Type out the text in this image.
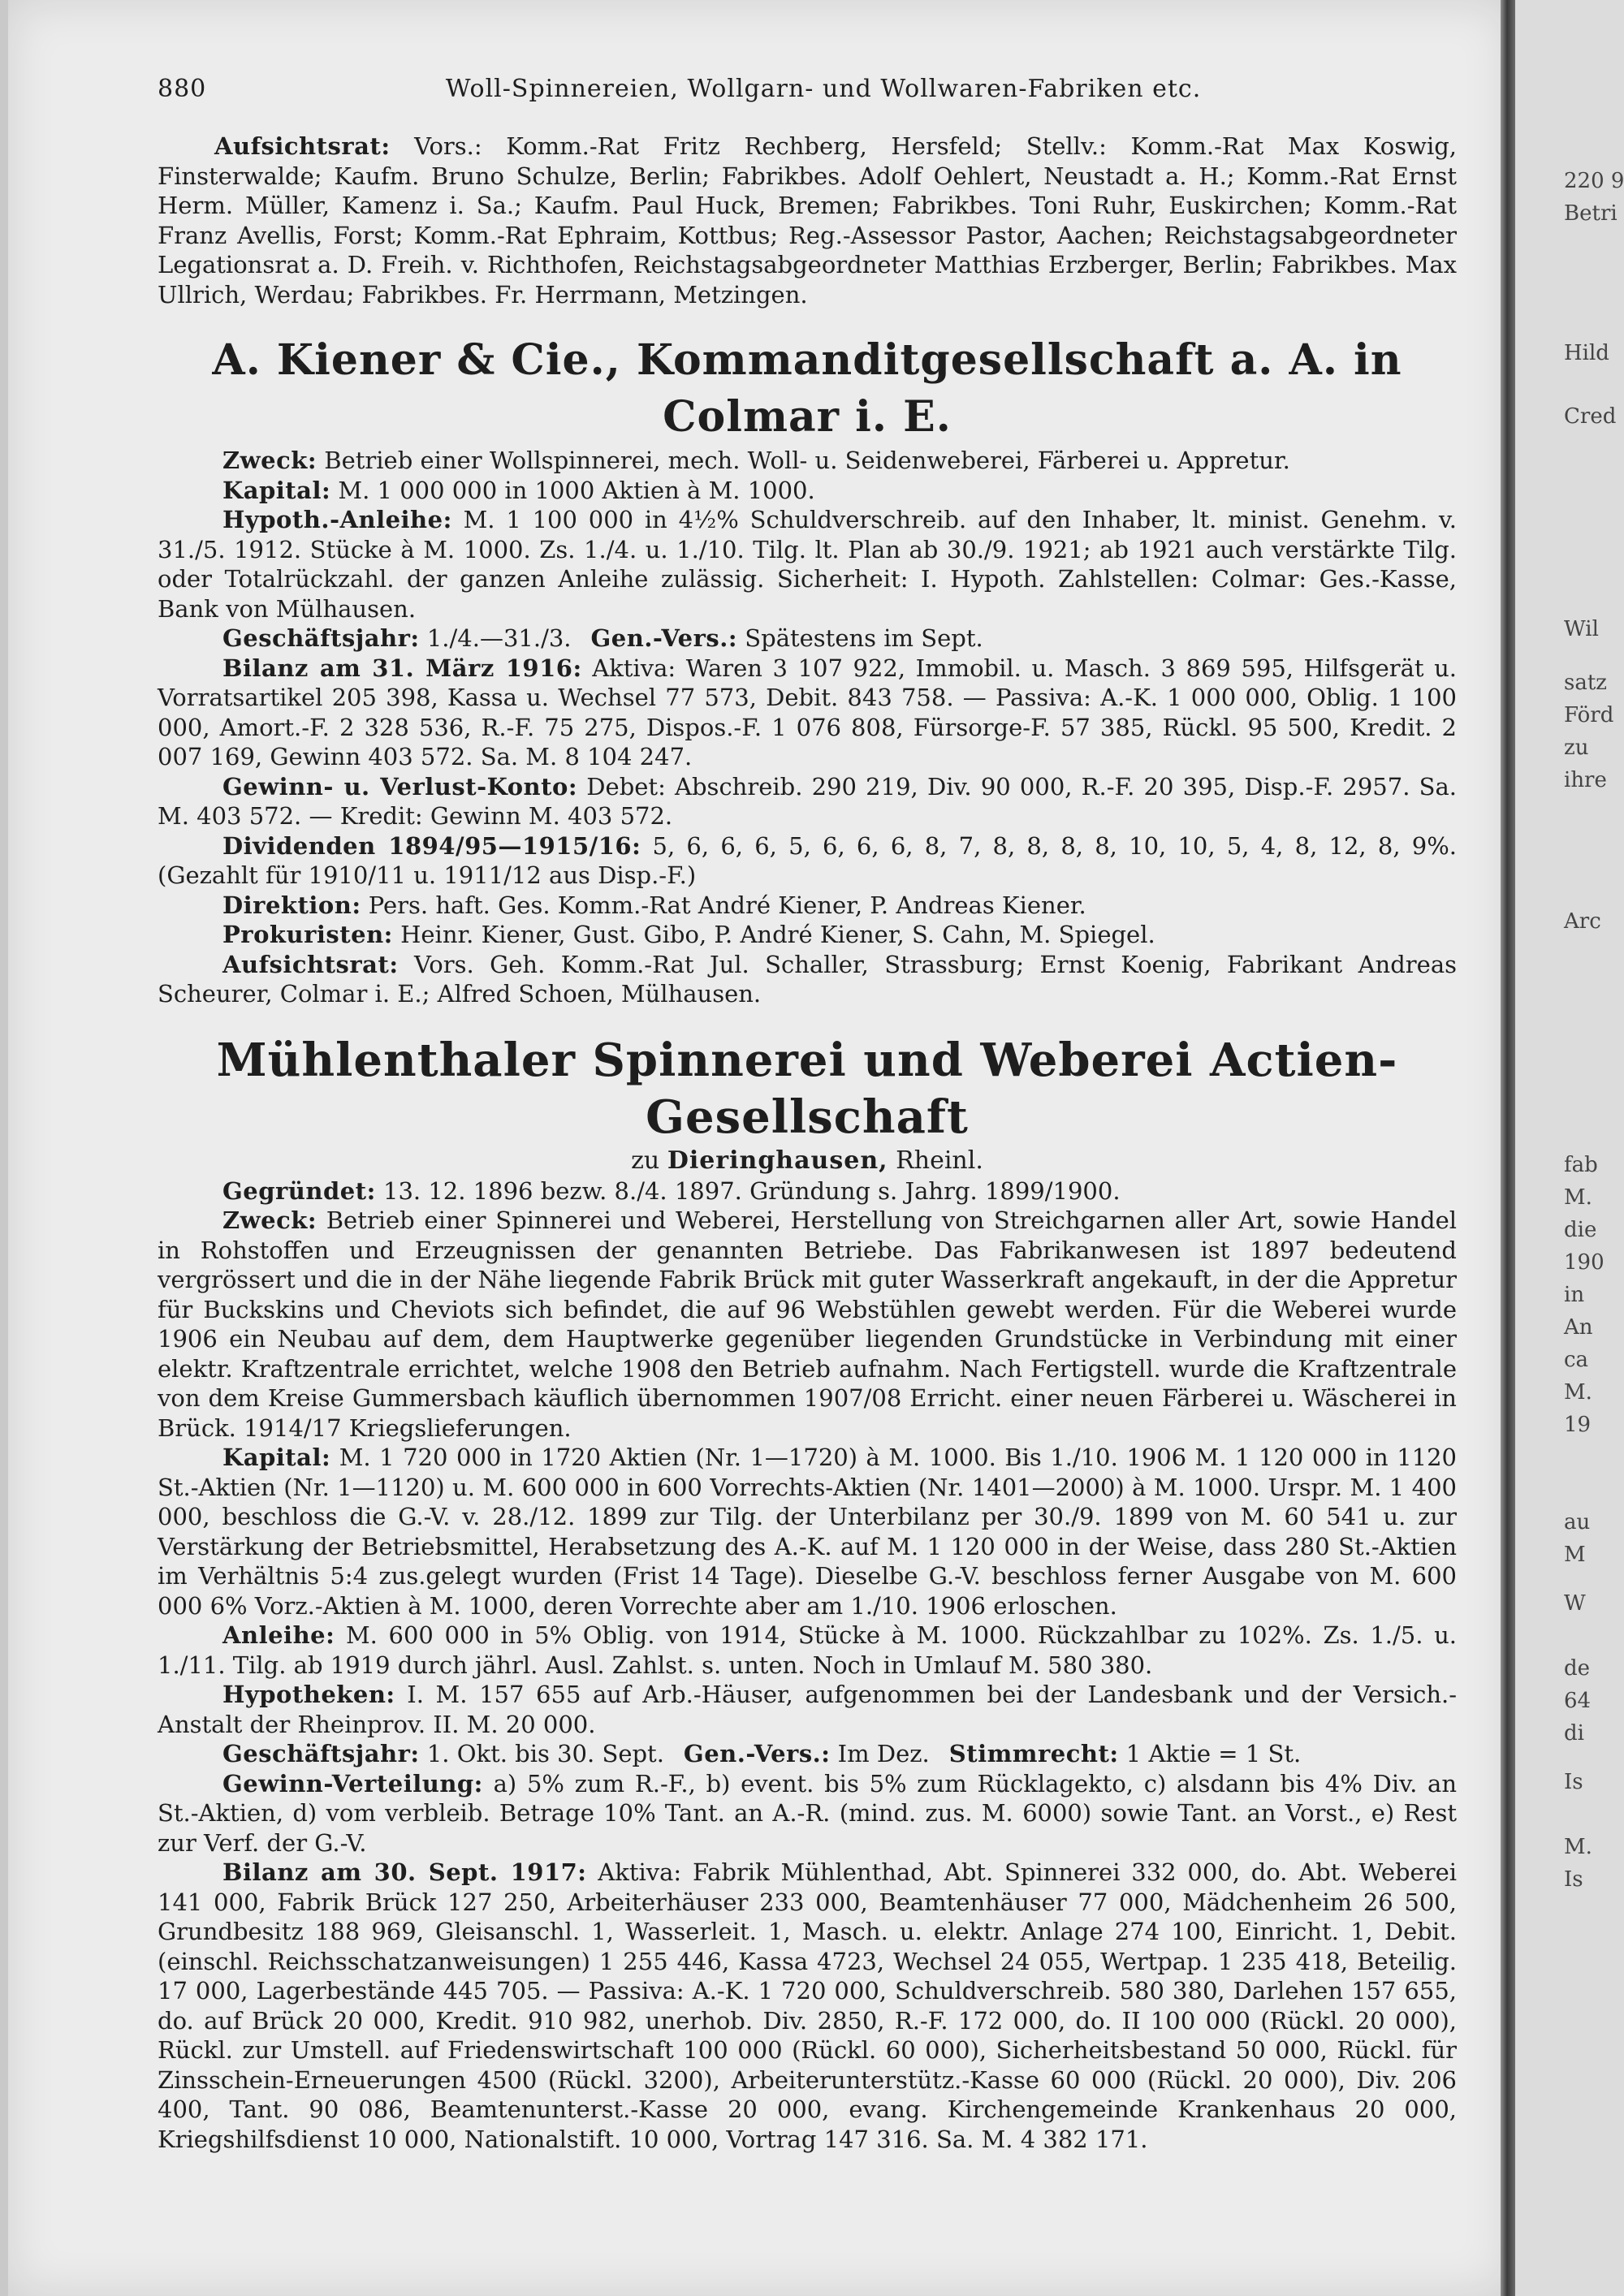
880	Woll-Spinnereien, Wollgarn- und Wollwaren-Fabriken etc.

Aufsichtsrat: Vors.: Komm.-Rat Fritz Rechberg, Hersfeld; Stellv.: Komm.-Rat Max Koswig, Finsterwalde; Kaufm. Bruno Schulze, Berlin; Fabrikbes. Adolf Oehlert, Neustadt a. H.; Komm.-Rat Ernst Herm. Müller, Kamenz i. Sa.; Kaufm. Paul Huck, Bremen; Fabrikbes. Toni Ruhr, Euskirchen; Komm.-Rat Franz Avellis, Forst; Komm.-Rat Ephraim, Kottbus; Reg.-Assessor Pastor, Aachen; Reichstagsabgeordneter Legationsrat a. D. Freih. v. Richthofen, Reichstagsabgeordneter Matthias Erzberger, Berlin; Fabrikbes. Max Ullrich, Werdau; Fabrikbes. Fr. Herrmann, Metzingen.

A. Kiener & Cie., Kommanditgesellschaft a. A. in Colmar i. E.

Zweck: Betrieb einer Wollspinnerei, mech. Woll- u. Seidenweberei, Färberei u. Appretur.

Kapital: M. 1 000 000 in 1000 Aktien à M. 1000.

Hypoth.-Anleihe: M. 1 100 000 in 4½% Schuldverschreib. auf den Inhaber, lt. minist. Genehm. v. 31./5. 1912. Stücke à M. 1000. Zs. 1./4. u. 1./10. Tilg. lt. Plan ab 30./9. 1921; ab 1921 auch verstärkte Tilg. oder Totalrückzahl. der ganzen Anleihe zulässig. Sicherheit: I. Hypoth. Zahlstellen: Colmar: Ges.-Kasse, Bank von Mülhausen.

Geschäftsjahr: 1./4.—31./3. Gen.-Vers.: Spätestens im Sept.

Bilanz am 31. März 1916: Aktiva: Waren 3 107 922, Immobil. u. Masch. 3 869 595, Hilfsgerät u. Vorratsartikel 205 398, Kassa u. Wechsel 77 573, Debit. 843 758. — Passiva: A.-K. 1 000 000, Oblig. 1 100 000, Amort.-F. 2 328 536, R.-F. 75 275, Dispos.-F. 1 076 808, Fürsorge-F. 57 385, Rückl. 95 500, Kredit. 2 007 169, Gewinn 403 572. Sa. M. 8 104 247.

Gewinn- u. Verlust-Konto: Debet: Abschreib. 290 219, Div. 90 000, R.-F. 20 395, Disp.-F. 2957. Sa. M. 403 572. — Kredit: Gewinn M. 403 572.

Dividenden 1894/95—1915/16: 5, 6, 6, 6, 5, 6, 6, 6, 8, 7, 8, 8, 8, 8, 10, 10, 5, 4, 8, 12, 8, 9%. (Gezahlt für 1910/11 u. 1911/12 aus Disp.-F.)

Direktion: Pers. haft. Ges. Komm.-Rat André Kiener, P. Andreas Kiener.

Prokuristen: Heinr. Kiener, Gust. Gibo, P. André Kiener, S. Cahn, M. Spiegel.

Aufsichtsrat: Vors. Geh. Komm.-Rat Jul. Schaller, Strassburg; Ernst Koenig, Fabrikant Andreas Scheurer, Colmar i. E.; Alfred Schoen, Mülhausen.

Mühlenthaler Spinnerei und Weberei Actien-Gesellschaft
zu Dieringhausen, Rheinl.

Gegründet: 13. 12. 1896 bezw. 8./4. 1897. Gründung s. Jahrg. 1899/1900.

Zweck: Betrieb einer Spinnerei und Weberei, Herstellung von Streichgarnen aller Art, sowie Handel in Rohstoffen und Erzeugnissen der genannten Betriebe. Das Fabrikanwesen ist 1897 bedeutend vergrössert und die in der Nähe liegende Fabrik Brück mit guter Wasserkraft angekauft, in der die Appretur für Buckskins und Cheviots sich befindet, die auf 96 Webstühlen gewebt werden. Für die Weberei wurde 1906 ein Neubau auf dem, dem Hauptwerke gegenüber liegenden Grundstücke in Verbindung mit einer elektr. Kraftzentrale errichtet, welche 1908 den Betrieb aufnahm. Nach Fertigstell. wurde die Kraftzentrale von dem Kreise Gummersbach käuflich übernommen 1907/08 Erricht. einer neuen Färberei u. Wäscherei in Brück. 1914/17 Kriegslieferungen.

Kapital: M. 1 720 000 in 1720 Aktien (Nr. 1—1720) à M. 1000. Bis 1./10. 1906 M. 1 120 000 in 1120 St.-Aktien (Nr. 1—1120) u. M. 600 000 in 600 Vorrechts-Aktien (Nr. 1401—2000) à M. 1000. Urspr. M. 1 400 000, beschloss die G.-V. v. 28./12. 1899 zur Tilg. der Unterbilanz per 30./9. 1899 von M. 60 541 u. zur Verstärkung der Betriebsmittel, Herabsetzung des A.-K. auf M. 1 120 000 in der Weise, dass 280 St.-Aktien im Verhältnis 5:4 zus.gelegt wurden (Frist 14 Tage). Dieselbe G.-V. beschloss ferner Ausgabe von M. 600 000 6% Vorz.-Aktien à M. 1000, deren Vorrechte aber am 1./10. 1906 erloschen.

Anleihe: M. 600 000 in 5% Oblig. von 1914, Stücke à M. 1000. Rückzahlbar zu 102%. Zs. 1./5. u. 1./11. Tilg. ab 1919 durch jährl. Ausl. Zahlst. s. unten. Noch in Umlauf M. 580 380.

Hypotheken: I. M. 157 655 auf Arb.-Häuser, aufgenommen bei der Landesbank und der Versich.-Anstalt der Rheinprov. II. M. 20 000.

Geschäftsjahr: 1. Okt. bis 30. Sept. Gen.-Vers.: Im Dez. Stimmrecht: 1 Aktie = 1 St.

Gewinn-Verteilung: a) 5% zum R.-F., b) event. bis 5% zum Rücklagekto, c) alsdann bis 4% Div. an St.-Aktien, d) vom verbleib. Betrage 10% Tant. an A.-R. (mind. zus. M. 6000) sowie Tant. an Vorst., e) Rest zur Verf. der G.-V.

Bilanz am 30. Sept. 1917: Aktiva: Fabrik Mühlenthad, Abt. Spinnerei 332 000, do. Abt. Weberei 141 000, Fabrik Brück 127 250, Arbeiterhäuser 233 000, Beamtenhäuser 77 000, Mädchenheim 26 500, Grundbesitz 188 969, Gleisanschl. 1, Wasserleit. 1, Masch. u. elektr. Anlage 274 100, Einricht. 1, Debit. (einschl. Reichsschatzanweisungen) 1 255 446, Kassa 4723, Wechsel 24 055, Wertpap. 1 235 418, Beteilig. 17 000, Lagerbestände 445 705. — Passiva: A.-K. 1 720 000, Schuldverschreib. 580 380, Darlehen 157 655, do. auf Brück 20 000, Kredit. 910 982, unerhob. Div. 2850, R.-F. 172 000, do. II 100 000 (Rückl. 20 000), Rückl. zur Umstell. auf Friedenswirtschaft 100 000 (Rückl. 60 000), Sicherheitsbestand 50 000, Rückl. für Zinsschein-Erneuerungen 4500 (Rückl. 3200), Arbeiterunterstütz.-Kasse 60 000 (Rückl. 20 000), Div. 206 400, Tant. 90 086, Beamtenunterst.-Kasse 20 000, evang. Kirchengemeinde Krankenhaus 20 000, Kriegshilfsdienst 10 000, Nationalstift. 10 000, Vortrag 147 316. Sa. M. 4 382 171.

220 9
Betri
Hild
Cred
Wil
satz
Förd
zu
ihre
Arc
fab
M.
die
190
in
An
ca
M.
19
au
M
W
de
64
di
Is
M.
Is
